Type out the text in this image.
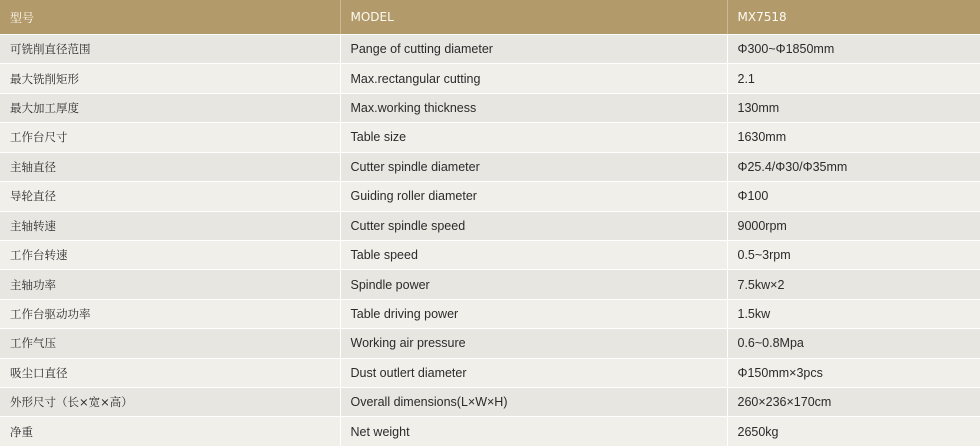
型号	MODEL	MX7518
可铣削直径范围	Pange of cutting diameter	Φ300~Φ1850mm
最大铣削矩形	Max.rectangular cutting	2.1
最大加工厚度	Max.working thickness	130mm
工作台尺寸	Table size	1630mm
主轴直径	Cutter spindle diameter	Φ25.4/Φ30/Φ35mm
导轮直径	Guiding roller diameter	Φ100
主轴转速	Cutter spindle speed	9000rpm
工作台转速	Table speed	0.5~3rpm
主轴功率	Spindle power	7.5kw×2
工作台驱动功率	Table driving power	1.5kw
工作气压	Working air pressure	0.6~0.8Mpa
吸尘口直径	Dust outlert diameter	Φ150mm×3pcs
外形尺寸（长×宽×高）	Overall dimensions(L×W×H)	260×236×170cm
净重	Net weight	2650kg
